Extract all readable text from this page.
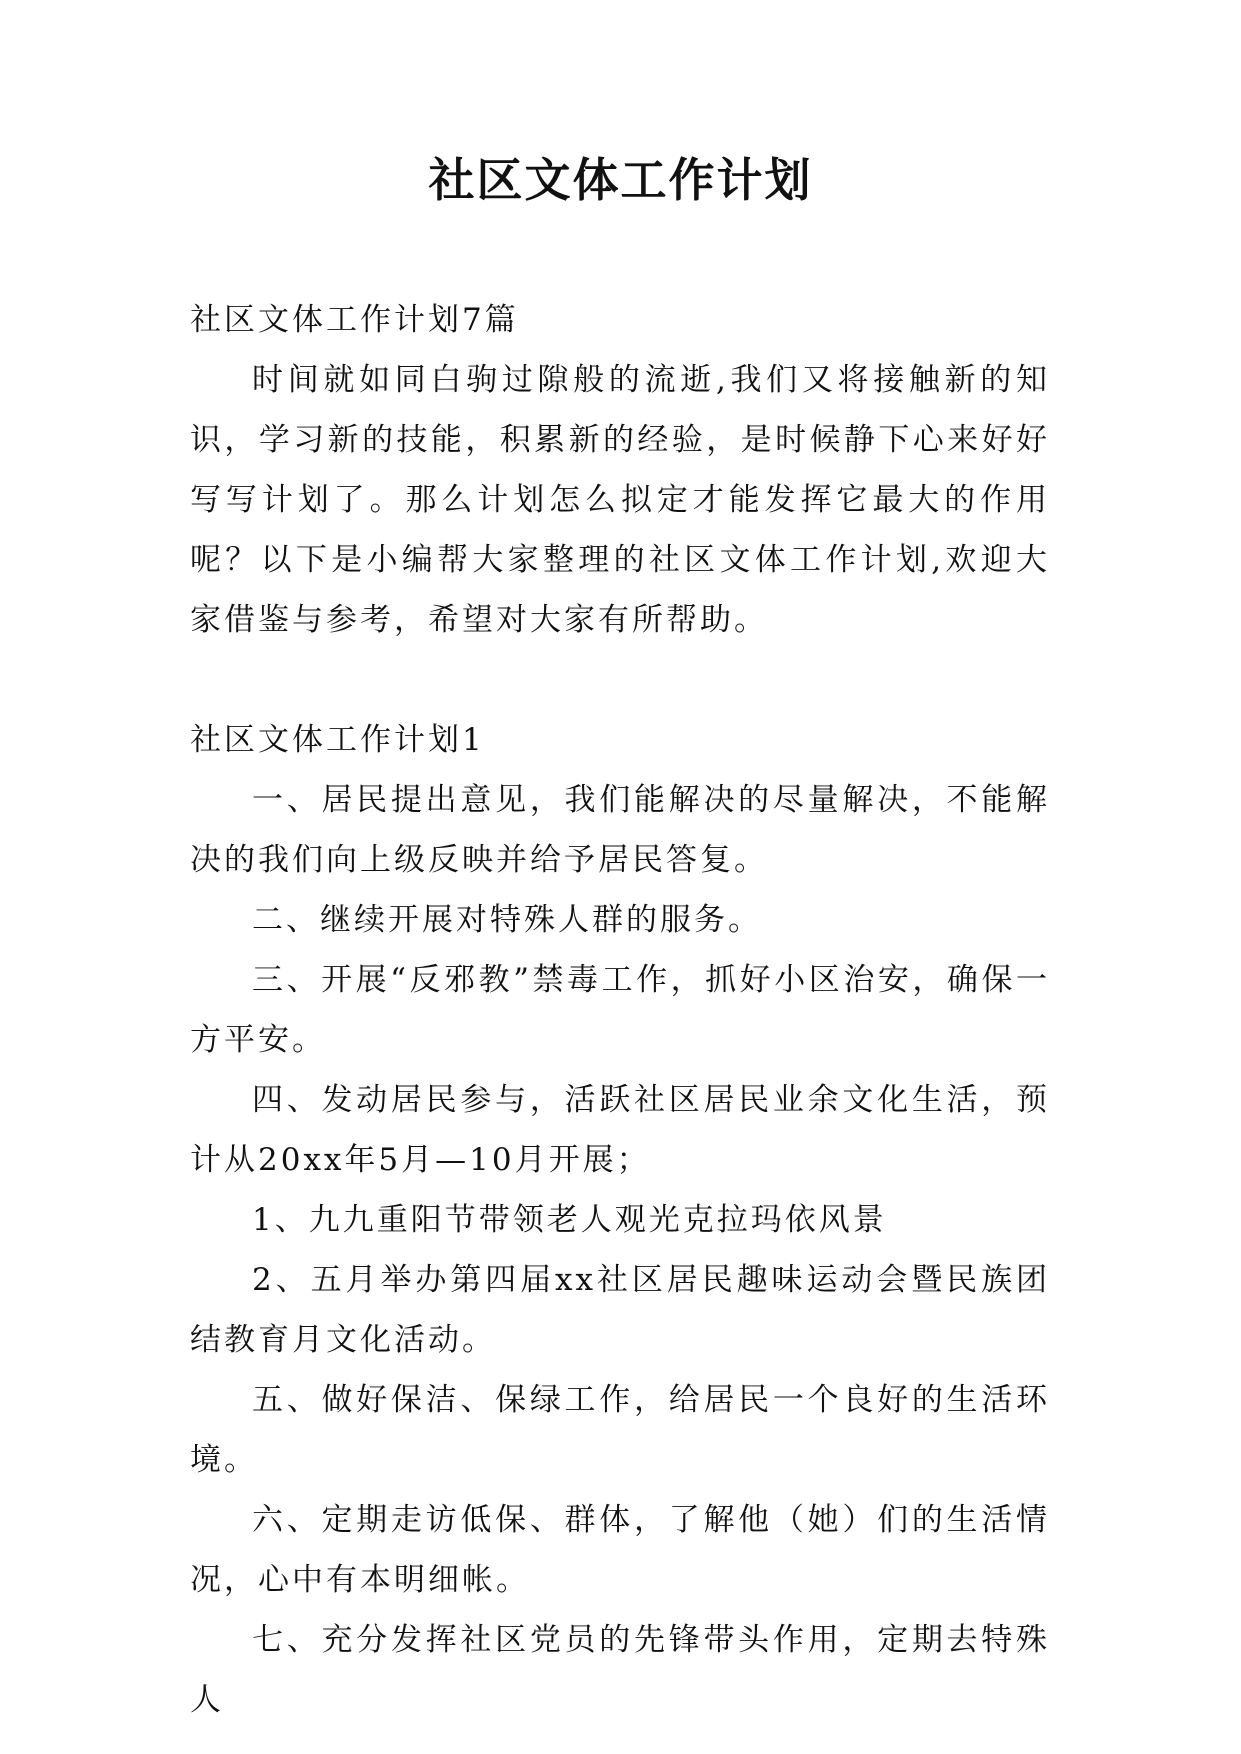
社区文体工作计划

社区文体工作计划7篇

时间就如同白驹过隙般的流逝,我们又将接触新的知识，学习新的技能，积累新的经验，是时候静下心来好好写写计划了。那么计划怎么拟定才能发挥它最大的作用呢？以下是小编帮大家整理的社区文体工作计划,欢迎大家借鉴与参考，希望对大家有所帮助。

社区文体工作计划1

一、居民提出意见，我们能解决的尽量解决，不能解决的我们向上级反映并给予居民答复。

二、继续开展对特殊人群的服务。

三、开展“反邪教”禁毒工作，抓好小区治安，确保一方平安。

四、发动居民参与，活跃社区居民业余文化生活，预计从20xx年5月—10月开展；

1、九九重阳节带领老人观光克拉玛依风景

2、五月举办第四届xx社区居民趣味运动会暨民族团结教育月文化活动。

五、做好保洁、保绿工作，给居民一个良好的生活环境。

六、定期走访低保、群体，了解他（她）们的生活情况，心中有本明细帐。

七、充分发挥社区党员的先锋带头作用，定期去特殊人
